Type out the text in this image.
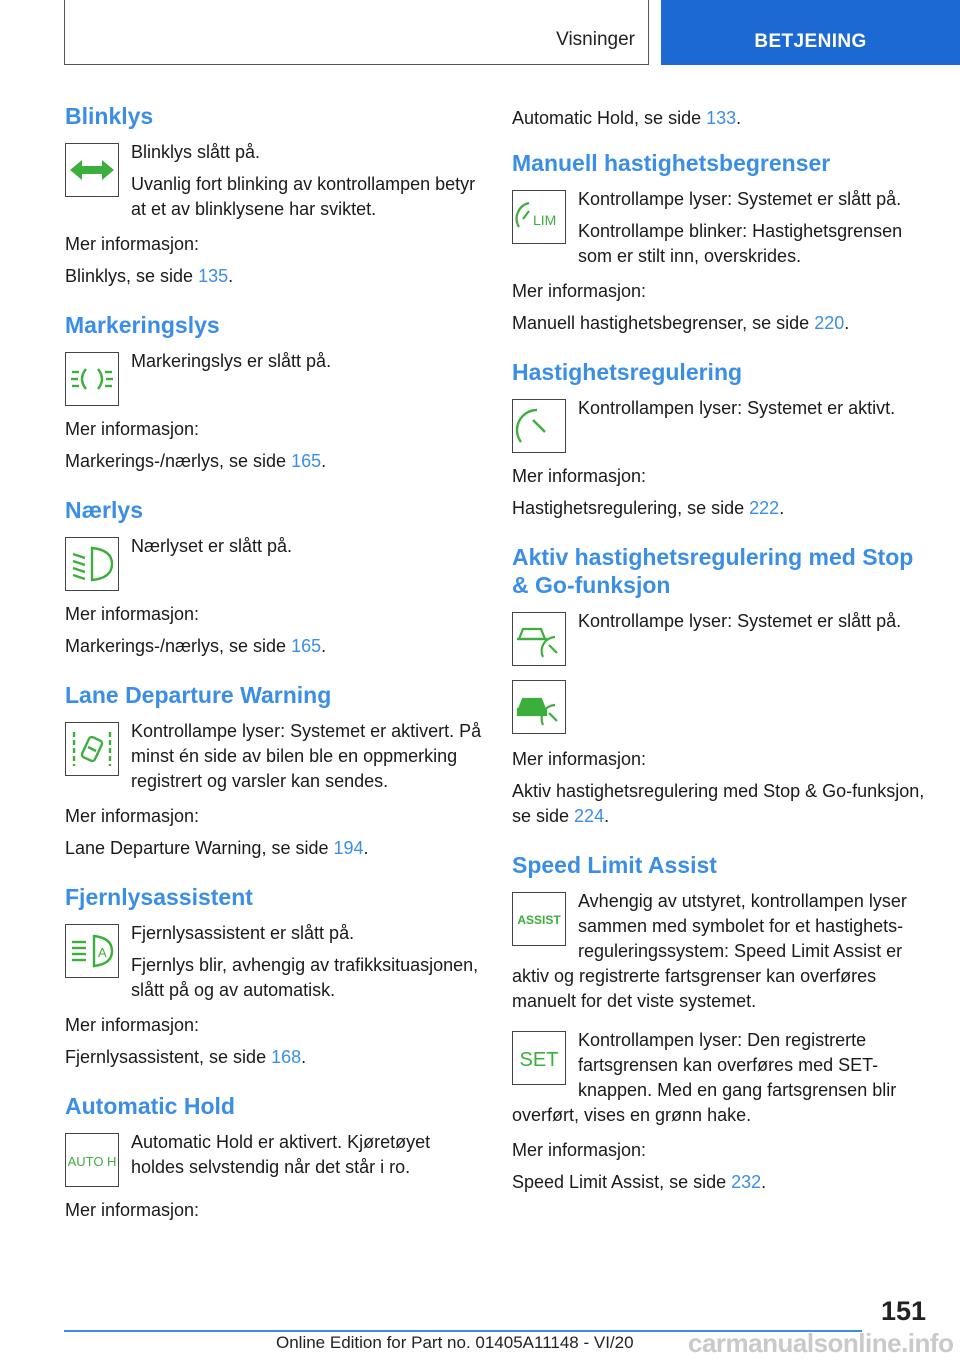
Visninger	BETJENING
Blinklys

Blinklys slått på.

Uvanlig fort blinking av kontrollampen betyr at et av blinklysene har sviktet.

Mer informasjon:

Blinklys, se side 135.

Markeringslys

Markeringslys er slått på.

Mer informasjon:

Markerings-/nærlys, se side 165.

Nærlys

Nærlyset er slått på.

Mer informasjon:

Markerings-/nærlys, se side 165.

Lane Departure Warning

Kontrollampe lyser: Systemet er aktivert. På minst én side av bilen ble en oppmerking registrert og varsler kan sendes.

Mer informasjon:

Lane Departure Warning, se side 194.

Fjernlysassistent
A

Fjernlysassistent er slått på.

Fjernlys blir, avhengig av trafikksituasjonen, slått på og av automatisk.

Mer informasjon:

Fjernlysassistent, se side 168.

Automatic Hold
AUTO H

Automatic Hold er aktivert. Kjøretøyet holdes selvstendig når det står i ro.

Mer informasjon:

Automatic Hold, se side 133.

Manuell hastighetsbegrenser
LIM

Kontrollampe lyser: Systemet er slått på.

Kontrollampe blinker: Hastighetsgrensen som er stilt inn, overskrides.

Mer informasjon:

Manuell hastighetsbegrenser, se side 220.

Hastighetsregulering

Kontrollampen lyser: Systemet er aktivt.

Mer informasjon:

Hastighetsregulering, se side 222.

Aktiv hastighetsregulering med Stop & Go-funksjon

Kontrollampe lyser: Systemet er slått på.

Mer informasjon:

Aktiv hastighetsregulering med Stop & Go-funksjon, se side 224.

Speed Limit Assist
ASSIST

Avhengig av utstyret, kontrollampen lyser sammen med symbolet for et hastighetsreguleringssystem: Speed Limit Assist er aktiv og registrerte fartsgrenser kan overføres manuelt for det viste systemet.

SET

Kontrollampen lyser: Den registrerte fartsgrensen kan overføres med SET-knappen. Med en gang fartsgrensen blir overført, vises en grønn hake.

Mer informasjon:

Speed Limit Assist, se side 232.

151
Online Edition for Part no. 01405A11148 - VI/20 carmanualsonline.info
